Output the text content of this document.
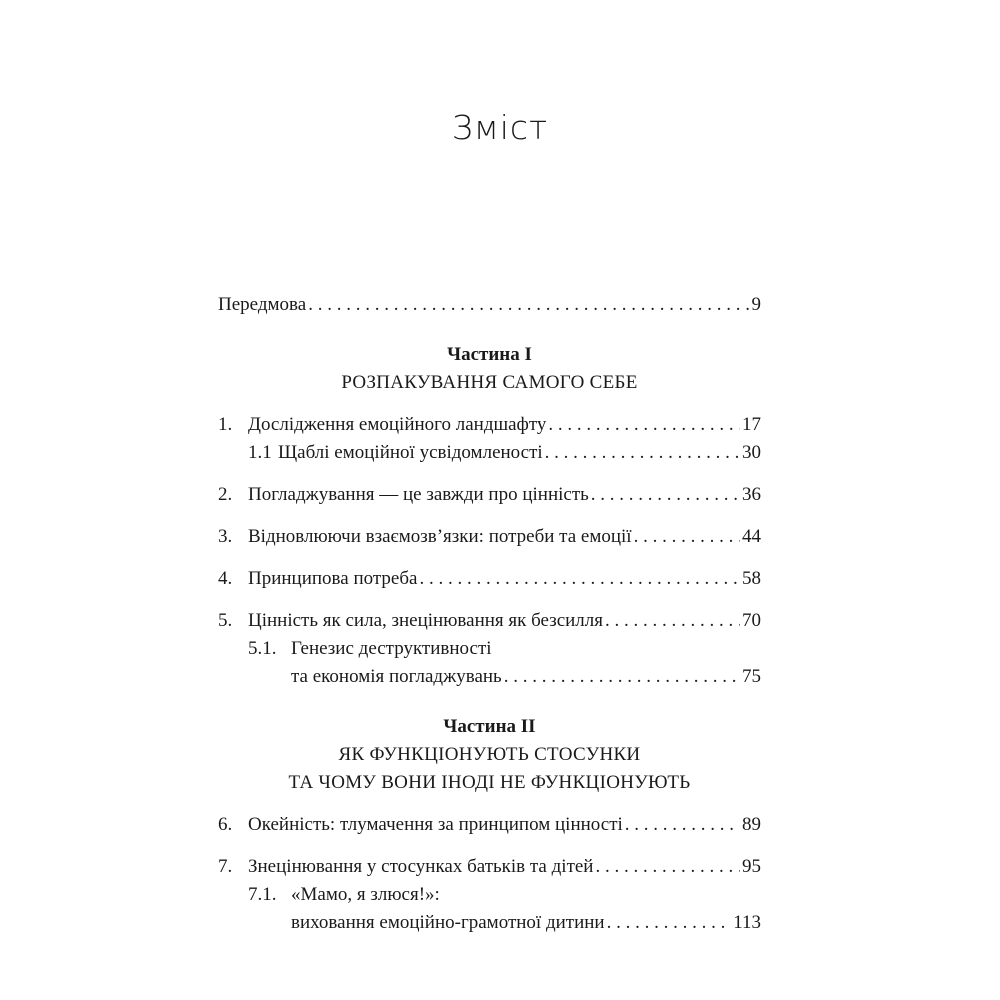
Зміст
Передмова . . .	9
Частина I
РОЗПАКУВАННЯ САМОГО СЕБЕ
1. Дослідження емоційного ландшафту . . .	17
1.1 Щаблі емоційної усвідомленості . . .	30
2. Погладжування — це завжди про цінність . . .	36
3. Відновлюючи взаємозв’язки: потреби та емоції . . .	44
4. Принципова потреба . . .	58
5. Цінність як сила, знецінювання як безсилля . . .	70
5.1. Генезис деструктивності
та економія погладжувань . . .	75
Частина II
ЯК ФУНКЦІОНУЮТЬ СТОСУНКИ
ТА ЧОМУ ВОНИ ІНОДІ НЕ ФУНКЦІОНУЮТЬ
6. Окейність: тлумачення за принципом цінності . . .	89
7. Знецінювання у стосунках батьків та дітей . . .	95
7.1. «Мамо, я злюся!»:
виховання емоційно-грамотної дитини . . .	113
